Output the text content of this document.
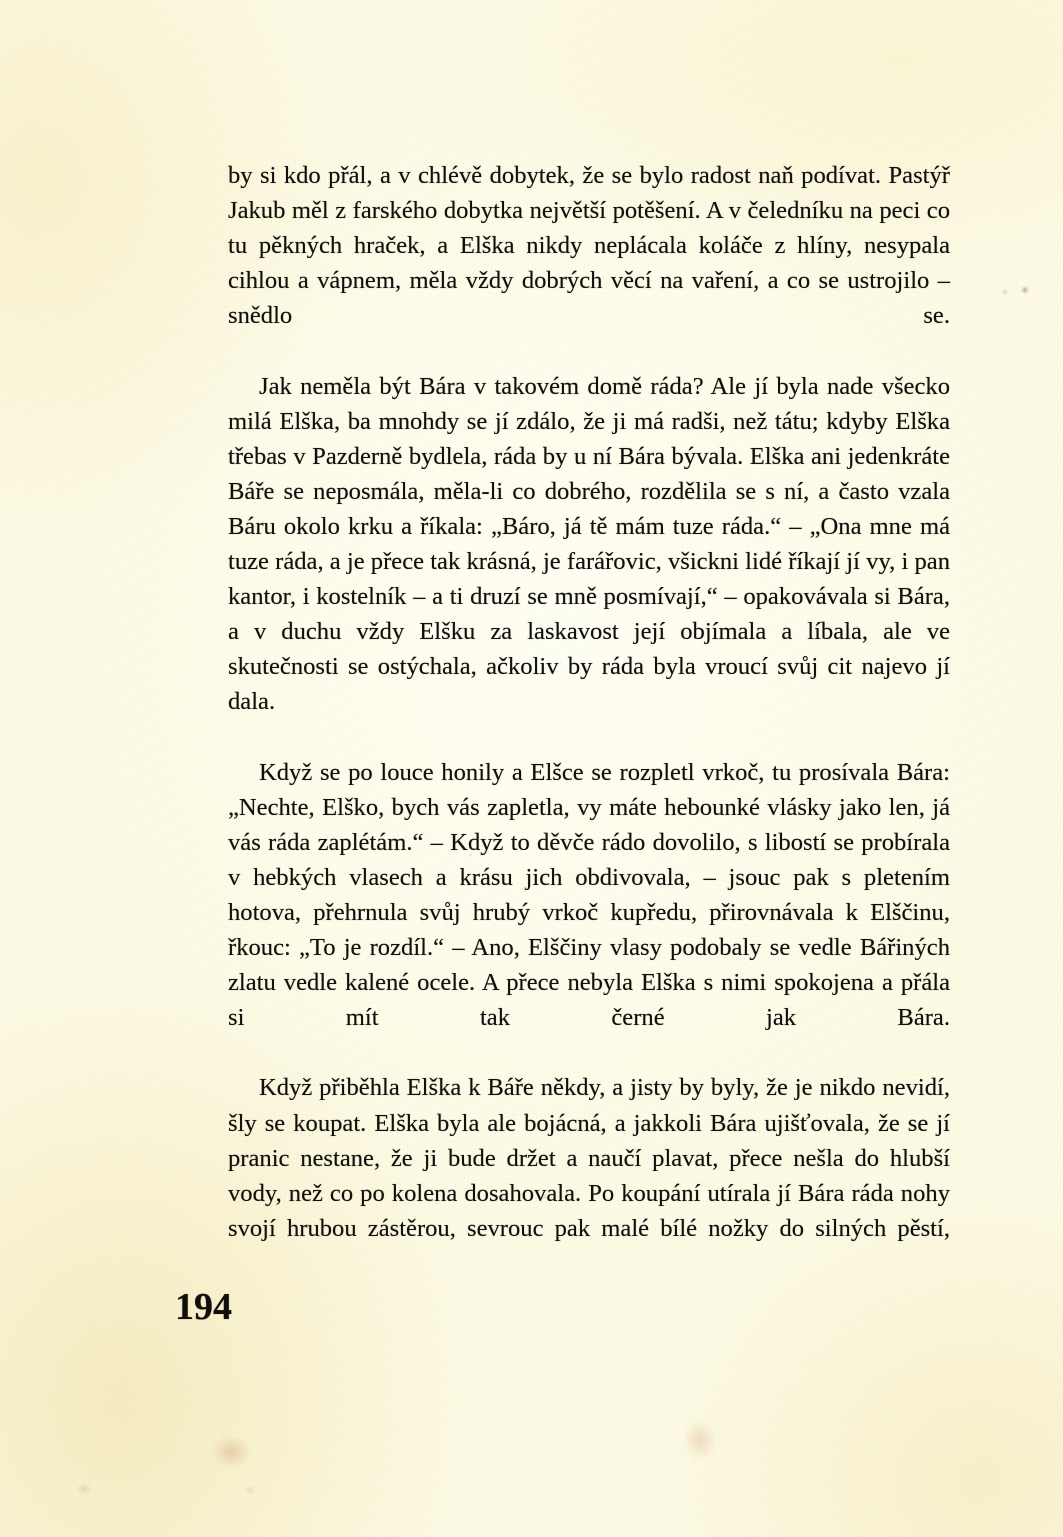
by si kdo přál, a v chlévě dobytek, že se bylo radost naň podívat. Pastýř Jakub měl z farského dobytka největší potěšení. A v čeledníku na peci co tu pěkných hraček, a Elška nikdy neplácala koláče z hlíny, nesypala cihlou a vápnem, měla vždy dobrých věcí na vaření, a co se ustrojilo – snědlo se.

Jak neměla být Bára v takovém domě ráda? Ale jí byla nade všecko milá Elška, ba mnohdy se jí zdálo, že ji má radši, než tátu; kdyby Elška třebas v Pazderně bydlela, ráda by u ní Bára bývala. Elška ani jedenkráte Báře se neposmála, měla-li co dobrého, rozdělila se s ní, a často vzala Báru okolo krku a říkala: „Báro, já tě mám tuze ráda.“ – „Ona mne má tuze ráda, a je přece tak krásná, je farářovic, všickni lidé říkají jí vy, i pan kantor, i kostelník – a ti druzí se mně posmívají,“ – opakovávala si Bára, a v duchu vždy Elšku za laskavost její objímala a líbala, ale ve skutečnosti se ostýchala, ačkoliv by ráda byla vroucí svůj cit najevo jí dala.

Když se po louce honily a Elšce se rozpletl vrkoč, tu prosívala Bára: „Nechte, Elško, bych vás zapletla, vy máte hebounké vlásky jako len, já vás ráda zaplétám.“ – Když to děvče rádo dovolilo, s libostí se probírala v hebkých vlasech a krásu jich obdivovala, – jsouc pak s pletením hotova, přehrnula svůj hrubý vrkoč kupředu, přirovnávala k Elščinu, řkouc: „To je rozdíl.“ – Ano, Elščiny vlasy podobaly se vedle Bářiných zlatu vedle kalené ocele. A přece nebyla Elška s nimi spokojena a přála si mít tak černé jak Bára.

Když přiběhla Elška k Báře někdy, a jisty by byly, že je nikdo nevidí, šly se koupat. Elška byla ale bojácná, a jakkoli Bára ujišťovala, že se jí pranic nestane, že ji bude držet a naučí plavat, přece nešla do hlubší vody, než co po kolena dosahovala. Po koupání utírala jí Bára ráda nohy svojí hrubou zástěrou, sevrouc pak malé bílé nožky do silných pěstí,

194
